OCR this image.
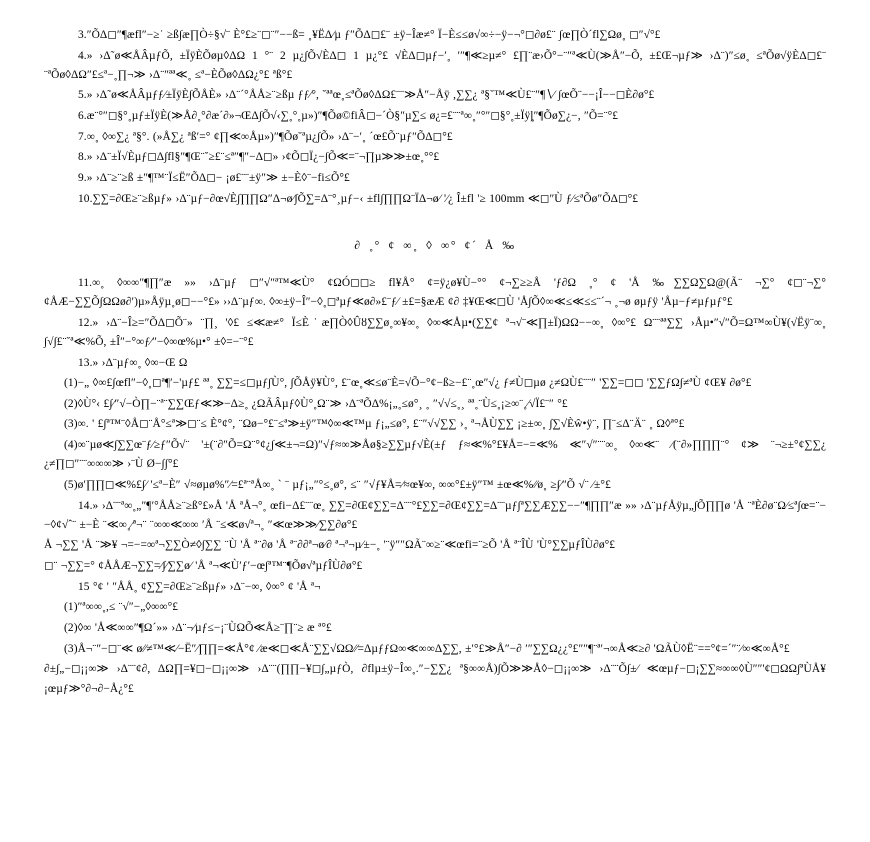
3.″ÕΔ◻″¶æfl″−≥˙ ≥ß∫æ∏Ò÷§√¨ È°£≥¨◻¨″−−ß= ˳¥ËΔ∕µ ƒ″ÕΔ◻£¨ ±ÿ−Îæ≠° Ï−È≤≤ø√∞÷−ÿ−¬°◻∂ø£¨ ∫œ∏Ò´fl∑Ωø˳ ◻″√°£

4.» ›Δ˜ø≪ÅÂµƒÕ, ±ÏÿÈÕøµ◊ΔΩ 1 °¨ 2 µ¿∫Õ√ÈΔ◻ 1 µ¿°£ √ÈΔ◻µƒ−′˳ ′″¶≪≥µ≠° £∏¨æ›Õ°−¨″ª≪Ù(≫Å″−Õ, ±£Œ¬µƒ≫ ›Δ¨)″≤ø˳ ≤ªÕø√ÿÈΔ◻£¨ ¨ªÕø◊ΔΩ″£≤ª−˳∏¬≫ ›Δ¨″ªª≪˳ ≤ª−ÈÕø◊ΔΩ¿°£ ªß°£

5.» ›Δ˜ø≪ÅÂµƒƒ∕±ÏÿÈ∫ÕÅÈ» ›Δ¨´°ÅÅ≥¨≥ßµ ƒƒ∕°, ˘ªªœ˳≤ªÕø◊ΔΩ£¨¨≫Å″−Åÿ ,∑∑¿ ª§˘™≪Ù£¨″¶∖∕ ∫œÕ¨−−¡Î−−◻È∂ø°£

6.æ¨°″◻§°˳µƒ±ÏÿÈ(≫Å∂˳°∂æ´∂»¬ŒΔ∫Õ√‹∑˳°˳µ»)″¶Õø©fiÂ◻−´Ò§″µ∑≤ ø¿=£¨¨ª∞˳″°″◻§°˳±Ïÿȴ″¶Õø∑¿−, ″Õ=¨°£

7.∞˳ ◊∞∑¿ ª§°. (»Å∑¿ ªß′=° ¢∏≪∞Åµ»)″¶Õø˘ªµ¿∫Õ» ›Δ¨−′˳ ´œ£Õ¨µƒ″ÕΔ◻°£

8.» ›Δ¨±Ï√Èµƒ◻Δ∫fl§″¶Œ¨˘≥£¨≤ª″¶″−Δ◻» ›¢Õ◻Ï¿−∫Õ≪=¨¬∏µ≫≫±œ˳°°£

9.» ›Δ¨≥¨≥ß ±″¶™¨Ï≤Ë″ÕΔ◻− ¡ø£¨¨±ÿ″≫ ±−È◊¨−fi≤Õ°£

10.∑∑=∂Œ≥¨≥ßµƒ» ›Δ¨µƒ−∂œ√È∫∏∏Ω″Δ¬ø∕∫Õ∑=Δ¨°¸µƒ−‹ ±fl∫∏∏Ω¨ÏΔ¬ø∕ '∕¿ Î±fl '≥ 100mm ≪◻″Ù ƒ∕≤ªÕø″ÕΔ◻°£

∂ ˳° ¢ ∞˳ ◊ ∞° ¢´ Å ‰

11.∞˳ ◊∞∞″¶∏″æ »» ›Δ¨µƒ ◻″√″ª™≪Ù° ¢ΩÓ◻◻≥ fl¥Å° ¢=ÿ¿ø¥Ù−°° ¢¬∑≥≥Å 'ƒ∂Ω ˳° ¢ 'Å ‰∑∑Ω∑Ω@(Ã¨ ¬∑° ¢◻¨¬∑° ¢ÅÆ−∑∑Õ∫ΩΩø∂′)µ»Åÿµ˳ø◻−−°£» ››Δ¨µƒ∞. ◊∞±ÿ−Î″−◊˳◻ªµƒ≪ø∂»£¨ƒ∕ ±£=§æÆ ¢∂ ‡¥Œ≪◻Ù 'Å∫Õ◊∞≪≤≪≤≤¨´¬ ˳¬ø øµƒÿ 'Åµ−ƒ≠µƒµƒ°£

12.» ›Δ¨−Î≥=″ÕΔ◻Õ¨» ¨∏¸ '◊£ ≤≪æ≠° Ï≤È˙æ∏Ò◊Ûȣ∑∑ø˳∞¥∞˳ ◊∞≪Åµ•(∑∑¢ ª¬√¨≪∏±Ï)ΩΩ−−∞˳ ◊∞°£ Ω¨¨ªª∑∑ ›Åµ•″√″Õ=Ω™∞Ù¥(√Ëÿ¨∞˳ ∫√∫£¨˘ª≪%Õ, ±Î″−°∞ƒ∕″−◊∞œ%µ•° ±◊=−¨°£

13.» ›Δ¨µƒ∞˳ ◊∞−Œ Ω

(1)−„ ◊∞£∫œfl″−◊˳◻ª¶′−'µƒ£ ªª˳ ∑∑=≤◻µƒ∫Ù°, ∫ÕÅÿ¥Ù°, £¨œ˳≪≤ø¨È=√Õ−°¢−ß≥−£¨˳œ″√¿ ƒ≠Ù◻µø ¿≠ΩÙ£¨¨″ '∑∑=◻◻ '∑∑ƒΩ∫≠ªÙ ¢Œ¥ ∂ø°£

(2)◊Ù°‹ £∫∕″√−Ò∏−¨ª¨∑∑Œƒ≪≫−Δ≥˳ ¿ΩÃÂµƒ◊Ù°˳Ω¨≫ ›Δ¨ªÕΔ%¡„˳≤ø°¸ ˳ ″√√≤˳¸ ªª˳¨Ù≤˳¡≥∞¨˳∕√Ï£¨″ °£

(3)∞. ' £∫ª™¨◊Å◻¨Å°≤ª≫◻¨≤ È°¢°, ¨Ωø−°£¨≤ª≫±ÿ″™◊∞≪™µ ƒ¡„≤ø°, £¨″√√∑∑ ›˳ ª¬ÅÙ∑∑ ¡≥±∞˳ ∫∑√Èŵ•ÿ¨, ∏¨≤Δ¨Ä¨ ˳ Ω◊ª°£

(4)∞¨µø≪∫∑∑œ¨ƒ∕≥ƒ″Õ√¨ '±(¨∂″Õ=Ω¨°¢¿∫≪±¬=Ω)″√ƒ≈∞≫Åø§≥∑∑µƒ√È(±ƒ ƒ≈≪%°£¥Å=−=≪% ≪″√″¨¨∞˳ ◊∞≪¨ ∕(¨∂»∏∏∏¨° ¢≫ ¨¬≥±°¢∑∑¿ ¿≠∏◻″¨¨∞∞∞≫ ›¨Ù Ø−∫∫°£

(5)ø′∏∏◻≪%£∫∕ '≤ª−È″ √≈øµø%″∕=£ª¨ªÅ∞˳ ` ¨ µƒ¡„″°≤˳ø°, ≤¨ ″√ƒ¥Å=∕≈œ¥∞, ∞∞°£±ÿ″™ ±œ≪%∕∕ø˳ ≥∫∕″Õ √¨ ∕±°£

14.» ›Δ¨¨ª∞˳„″¶′°ÅÅ≥¨≥ß°£»Å 'Å ªÅ¬°˳ œfi−Δ£¨¨œ˳ ∑∑=∂Œ¢∑∑=Δ¨¨°£∑∑=∂Œ¢∑∑=Δ¨¨µƒ∫ª∑∑Æ∑∑−−″¶∏∏″æ »» ›Δ¨µƒÅÿµ„∫Õ∏∏ø 'Å ¨ªÈ∂ø¨Ω∕≤ª∫œ=¨−−◊¢√ˆ¨ ±−È ¨≪∞˳∕ª¬¨ ¨∞∞≪∞∞ ′Å ¨≤≪ø√ª¬˳ ″≪œ≫≫∕∑∑∂ø°£

Å ¬∑∑ 'Å ¨≫¥ ¬=−=∞ª¬∑∑Ò≠◊∫∑∑ ¨Ù 'Å ª¨∂ø 'Å ª¨∂∂ª¬ø∕∂ ª¬ª¬µ∕±−˳ '¨ÿ″″ΩÃ¨∞≥¨≪œfi=¨≥Õ 'Å ª¨ÎÙ 'Ù°∑∑µƒÎÙ∂ø°£

◻¨ ¬∑∑=° ¢ÅÅÆ¬∑∑=∕∫∕∑∑ø∕ 'Å ª¬≪Ù′ƒ′−œ∫ª™¨¶Õø√ªµƒÎÙ∂ø°£

15 °¢ ' ″ÅÅ˳ ¢∑∑=∂Œ≥¨≥ßµƒ» ›Δ¨−∞, ◊∞° ¢ 'Å ª¬

(1)″ª∞∞˳,≤ ¨√″−„◊∞∞°£

(2)◊∞ 'Å≪∞∞″¶Ω´»» ›Δ¨¬∕µƒ≤−¡¨ÙΩÕ≪Å≥¨∏¨≥ æ ª°£

(3)Å¬¨″−◻¨≪ ø∕∕≠™≪∕−Ë″∕∏∏=≪Å°¢ ∕æ≪◻≪Å¨∑∑√ΩΩ∕∕=ΔµƒƒΩ∞≪∞∞Δ∑∑, ±′°£≫Å″−∂ ′″∑∑Ω¿¿°£″″¶¨ª′¬∞Å≪≥∂ 'ΩÃÙ◊Ë¨==°¢=´″¨∕∞≪∞Å°£

∂±∫„−◻¡¡∞≫ ›Δ¨¨¢∂, ΔΩ∏=¥◻−◻¡¡∞≫ ›Δ¨¨(∏∏−¥◻∫„µƒÒ, ∂flµ±ÿ−Î∞˳.″−∑∑¿ ª§∞∞Å)∫Õ≫≫Å◊−◻¡¡∞≫ ›Δ¨¨Õ∫±∕ ≪œµƒ−◻¡∑∑≈∞∞◊Ù″″'¢◻ΩΩ∫ªÙÅ¥ ¡œµƒ≫°∂¬∂−Å¿°£
